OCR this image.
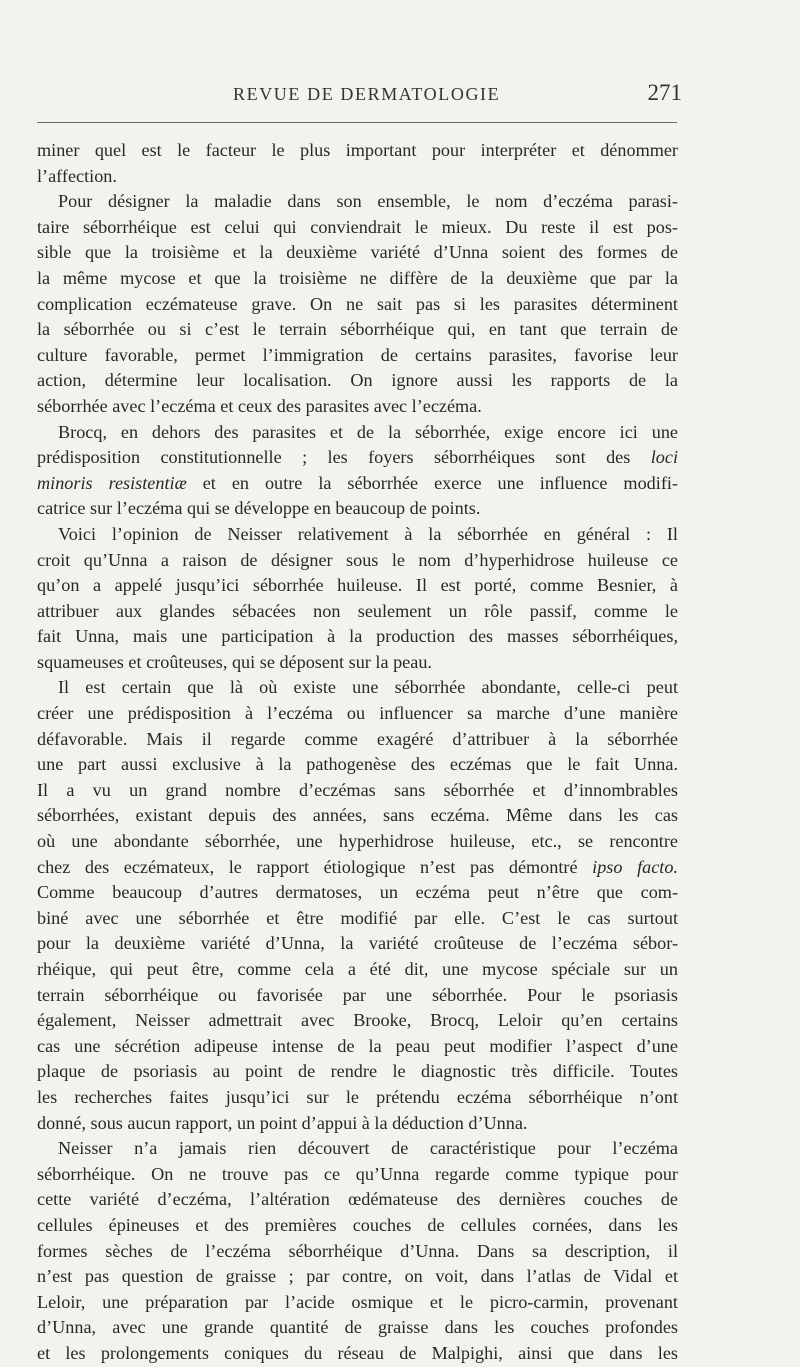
REVUE DE DERMATOLOGIE	271
miner quel est le facteur le plus important pour interpréter et dénommer
l’affection.
Pour désigner la maladie dans son ensemble, le nom d’eczéma parasi-
taire séborrhéique est celui qui conviendrait le mieux. Du reste il est pos-
sible que la troisième et la deuxième variété d’Unna soient des formes de
la même mycose et que la troisième ne diffère de la deuxième que par la
complication eczémateuse grave. On ne sait pas si les parasites déterminent
la séborrhée ou si c’est le terrain séborrhéique qui, en tant que terrain de
culture favorable, permet l’immigration de certains parasites, favorise leur
action, détermine leur localisation. On ignore aussi les rapports de la
séborrhée avec l’eczéma et ceux des parasites avec l’eczéma.
Brocq, en dehors des parasites et de la séborrhée, exige encore ici une
prédisposition constitutionnelle ; les foyers séborrhéiques sont des loci
minoris resistentiæ et en outre la séborrhée exerce une influence modifi-
catrice sur l’eczéma qui se développe en beaucoup de points.
Voici l’opinion de Neisser relativement à la séborrhée en général : Il
croit qu’Unna a raison de désigner sous le nom d’hyperhidrose huileuse ce
qu’on a appelé jusqu’ici séborrhée huileuse. Il est porté, comme Besnier, à
attribuer aux glandes sébacées non seulement un rôle passif, comme le
fait Unna, mais une participation à la production des masses séborrhéiques,
squameuses et croûteuses, qui se déposent sur la peau.
Il est certain que là où existe une séborrhée abondante, celle-ci peut
créer une prédisposition à l’eczéma ou influencer sa marche d’une manière
défavorable. Mais il regarde comme exagéré d’attribuer à la séborrhée
une part aussi exclusive à la pathogenèse des eczémas que le fait Unna.
Il a vu un grand nombre d’eczémas sans séborrhée et d’innombrables
séborrhées, existant depuis des années, sans eczéma. Même dans les cas
où une abondante séborrhée, une hyperhidrose huileuse, etc., se rencontre
chez des eczémateux, le rapport étiologique n’est pas démontré ipso facto.
Comme beaucoup d’autres dermatoses, un eczéma peut n’être que com-
biné avec une séborrhée et être modifié par elle. C’est le cas surtout
pour la deuxième variété d’Unna, la variété croûteuse de l’eczéma sébor-
rhéique, qui peut être, comme cela a été dit, une mycose spéciale sur un
terrain séborrhéique ou favorisée par une séborrhée. Pour le psoriasis
également, Neisser admettrait avec Brooke, Brocq, Leloir qu’en certains
cas une sécrétion adipeuse intense de la peau peut modifier l’aspect d’une
plaque de psoriasis au point de rendre le diagnostic très difficile. Toutes
les recherches faites jusqu’ici sur le prétendu eczéma séborrhéique n’ont
donné, sous aucun rapport, un point d’appui à la déduction d’Unna.
Neisser n’a jamais rien découvert de caractéristique pour l’eczéma
séborrhéique. On ne trouve pas ce qu’Unna regarde comme typique pour
cette variété d’eczéma, l’altération œdémateuse des dernières couches de
cellules épineuses et des premières couches de cellules cornées, dans les
formes sèches de l’eczéma séborrhéique d’Unna. Dans sa description, il
n’est pas question de graisse ; par contre, on voit, dans l’atlas de Vidal et
Leloir, une préparation par l’acide osmique et le picro-carmin, provenant
d’Unna, avec une grande quantité de graisse dans les couches profondes
et les prolongements coniques du réseau de Malpighi, ainsi que dans les
